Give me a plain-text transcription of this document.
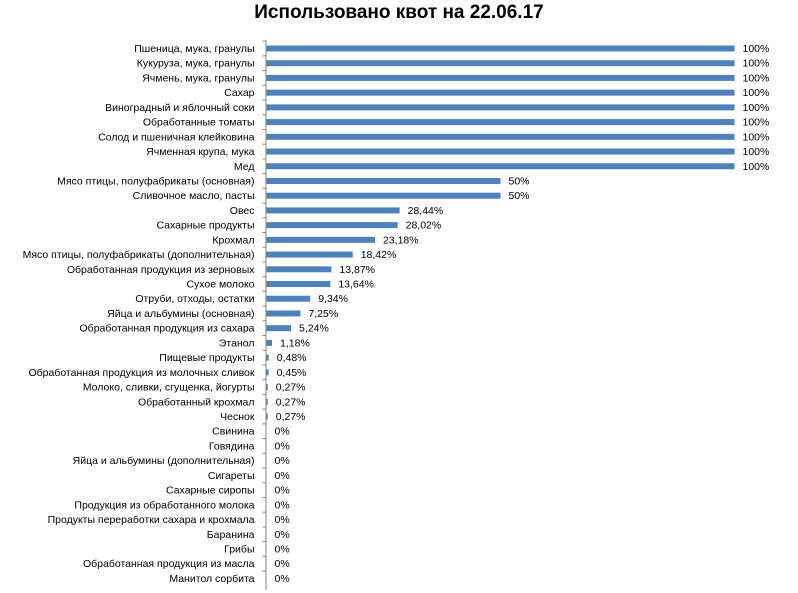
Использовано квот на 22.06.17
Пшеница, мука, гранулы	100%
Кукуруза, мука, гранулы	100%
Ячмень, мука, гранулы	100%
Сахар	100%
Виноградный и яблочный соки	100%
Обработанные томаты	100%
Солод и пшеничная клейковина	100%
Ячменная крупа, мука	100%
Мед	100%
Мясо птицы, полуфабрикаты (основная)	50%
Сливочное масло, пасты	50%
Овес	28,44%
Сахарные продукты	28,02%
Крохмал	23,18%
Мясо птицы, полуфабрикаты (дополнительная)	18,42%
Обработанная продукция из зерновых	13,87%
Сухое молоко	13,64%
Отруби, отходы, остатки	9,34%
Яйца и альбумины (основная)	7,25%
Обработанная продукция из сахара	5,24%
Этанол 1,18%
Пищевые продукты 0,48%
Обработанная продукция из молочных сливок 0,45%
Молоко, сливки, сгущенка, йогурты 0,27%
Обработанный крохмал 0,27%
Чеснок 0,27%
Свинина 0%
Говядина 0%
Яйца и альбумины (дополнительная) 0%
Сигареты 0%
Сахарные сиропы 0%
Продукция из обработанного молока 0%
Продукты переработки сахара и крохмала 0%
Баранина 0%
Грибы 0%
Обработанная продукция из масла 0%
Манитол сорбита 0%
